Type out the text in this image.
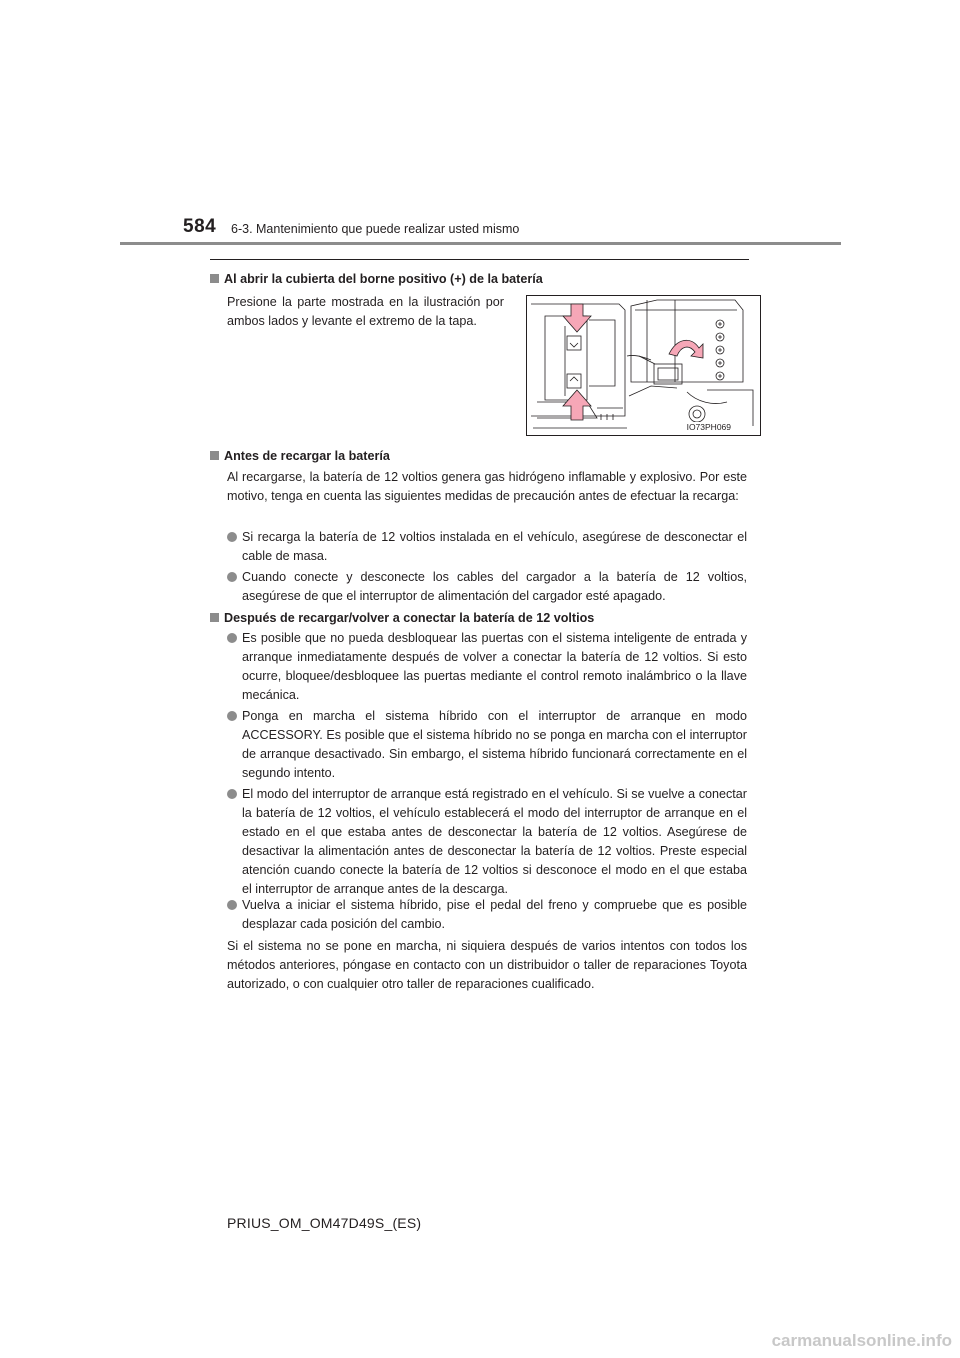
584 6-3. Mantenimiento que puede realizar usted mismo
Al abrir la cubierta del borne positivo (+) de la batería
Presione la parte mostrada en la ilustración por ambos lados y levante el extremo de la tapa.
IO73PH069
Antes de recargar la batería
Al recargarse, la batería de 12 voltios genera gas hidrógeno inflamable y explosivo. Por este motivo, tenga en cuenta las siguientes medidas de precaución antes de efectuar la recarga:
Si recarga la batería de 12 voltios instalada en el vehículo, asegúrese de desconectar el cable de masa.
Cuando conecte y desconecte los cables del cargador a la batería de 12 voltios, asegúrese de que el interruptor de alimentación del cargador esté apagado.
Después de recargar/volver a conectar la batería de 12 voltios
Es posible que no pueda desbloquear las puertas con el sistema inteligente de entrada y arranque inmediatamente después de volver a conectar la batería de 12 voltios. Si esto ocurre, bloquee/desbloquee las puertas mediante el control remoto inalámbrico o la llave mecánica.
Ponga en marcha el sistema híbrido con el interruptor de arranque en modo ACCESSORY. Es posible que el sistema híbrido no se ponga en marcha con el interruptor de arranque desactivado. Sin embargo, el sistema híbrido funcionará correctamente en el segundo intento.
El modo del interruptor de arranque está registrado en el vehículo. Si se vuelve a conectar la batería de 12 voltios, el vehículo establecerá el modo del interruptor de arranque en el estado en el que estaba antes de desconectar la batería de 12 voltios. Asegúrese de desactivar la alimentación antes de desconectar la batería de 12 voltios. Preste especial atención cuando conecte la batería de 12 voltios si desconoce el modo en el que estaba el interruptor de arranque antes de la descarga.
Vuelva a iniciar el sistema híbrido, pise el pedal del freno y compruebe que es posible desplazar cada posición del cambio.
Si el sistema no se pone en marcha, ni siquiera después de varios intentos con todos los métodos anteriores, póngase en contacto con un distribuidor o taller de reparaciones Toyota autorizado, o con cualquier otro taller de reparaciones cualificado.
PRIUS_OM_OM47D49S_(ES)
carmanualsonline.info
